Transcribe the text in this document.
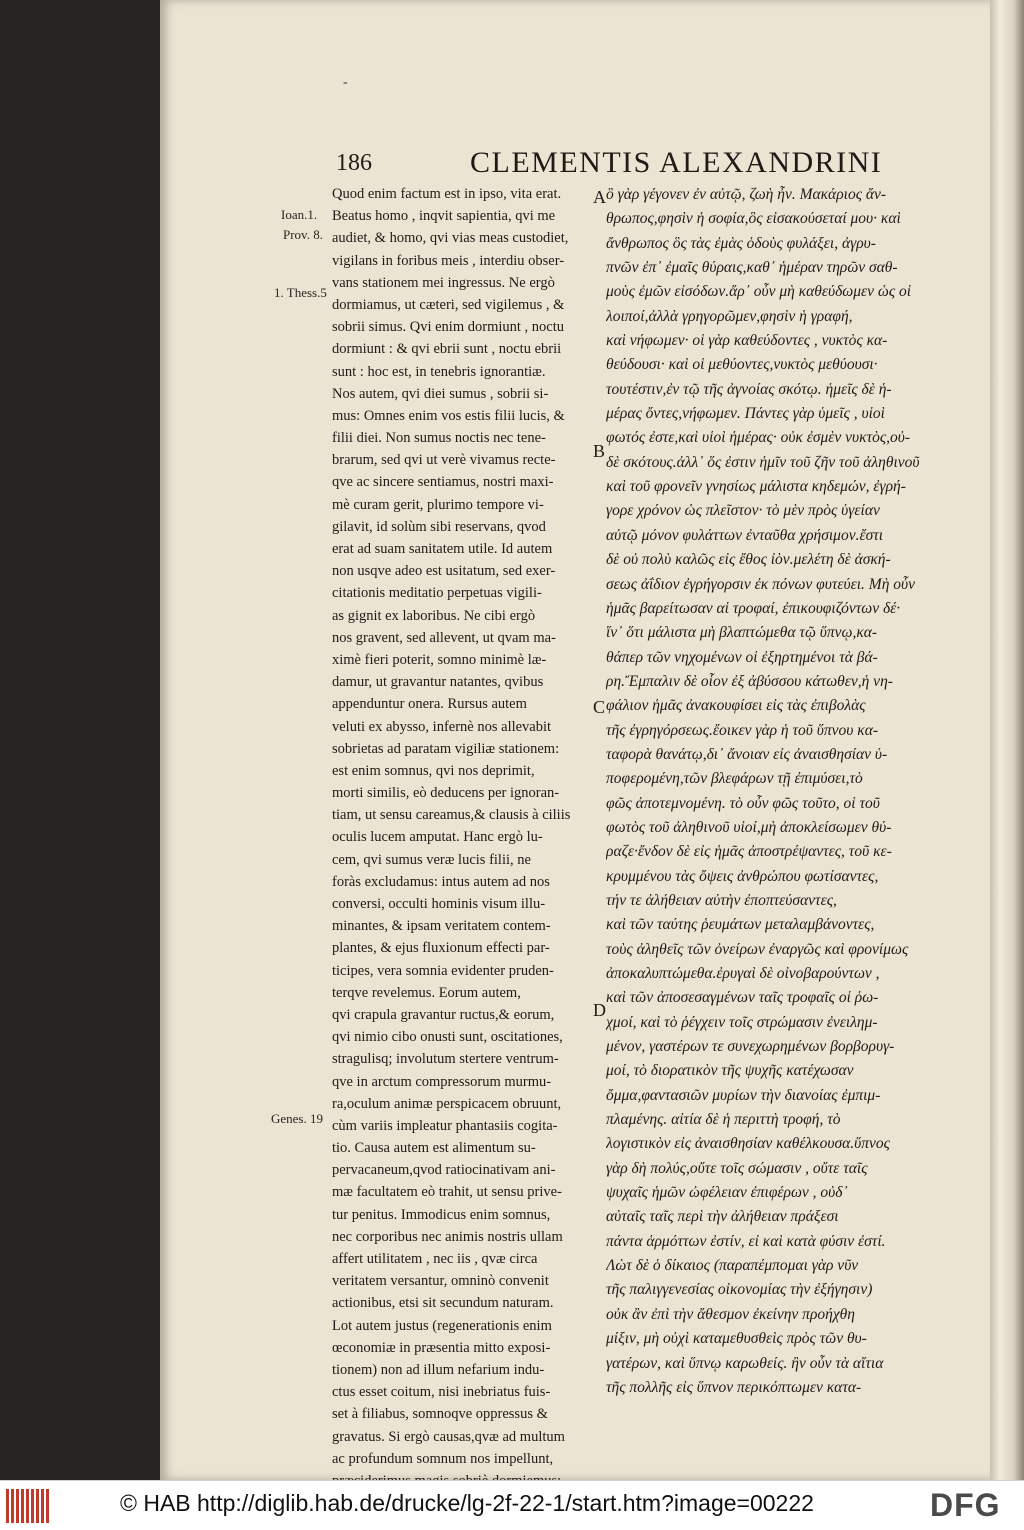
-
186	CLEMENTIS ALEXANDRINI
Ioan.1.
Prov. 8.
1. Thess.5
Genes. 19
A
B
C
D
Quod enim factum est in ipso, vita erat.
Beatus homo , inqvit sapientia, qvi me
audiet, & homo, qvi vias meas custodiet,
vigilans in foribus meis , interdiu obser-
vans stationem mei ingressus. Ne ergò
dormiamus, ut cæteri, sed vigilemus , &
sobrii simus. Qvi enim dormiunt , noctu
dormiunt : & qvi ebrii sunt , noctu ebrii
sunt : hoc est, in tenebris ignorantiæ.
Nos autem, qvi diei sumus , sobrii si-
mus: Omnes enim vos estis filii lucis, &
filii diei. Non sumus noctis nec tene-
brarum, sed qvi ut verè vivamus recte-
qve ac sincere sentiamus, nostri maxi-
mè curam gerit, plurimo tempore vi-
gilavit, id solùm sibi reservans, qvod
erat ad suam sanitatem utile. Id autem
non usqve adeo est usitatum, sed exer-
citationis meditatio perpetuas vigili-
as gignit ex laboribus. Ne cibi ergò
nos gravent, sed allevent, ut qvam ma-
ximè fieri poterit, somno minimè læ-
damur, ut gravantur natantes, qvibus
appenduntur onera. Rursus autem
veluti ex abysso, infernè nos allevabit
sobrietas ad paratam vigiliæ stationem:
est enim somnus, qvi nos deprimit,
morti similis, eò deducens per ignoran-
tiam, ut sensu careamus,& clausis à ciliis
oculis lucem amputat. Hanc ergò lu-
cem, qvi sumus veræ lucis filii, ne
foràs excludamus: intus autem ad nos
conversi, occulti hominis visum illu-
minantes, & ipsam veritatem contem-
plantes, & ejus fluxionum effecti par-
ticipes, vera somnia evidenter pruden-
terqve revelemus. Eorum autem,
qvi crapula gravantur ructus,& eorum,
qvi nimio cibo onusti sunt, oscitationes,
stragulisq; involutum stertere ventrum-
qve in arctum compressorum murmu-
ra,oculum animæ perspicacem obruunt,
cùm variis impleatur phantasiis cogita-
tio. Causa autem est alimentum su-
pervacaneum,qvod ratiocinativam ani-
mæ facultatem eò trahit, ut sensu prive-
tur penitus. Immodicus enim somnus,
nec corporibus nec animis nostris ullam
affert utilitatem , nec iis , qvæ circa
veritatem versantur, omninò convenit
actionibus, etsi sit secundum naturam.
Lot autem justus (regenerationis enim
œconomiæ in præsentia mitto exposi-
tionem) non ad illum nefarium indu-
ctus esset coitum, nisi inebriatus fuis-
set à filiabus, somnoqve oppressus &
gravatus. Si ergò causas,qvæ ad multum
ac profundum somnum nos impellunt,
ὃ γὰρ γέγονεν ἐν αὐτῷ, ζωὴ ἦν. Μακάριος ἄν-
θρωπος,φησὶν ἡ σοφία,ὃς εἰσακούσεταί μου· καὶ
ἄνθρωπος ὃς τὰς ἐμὰς ὁδοὺς φυλάξει, ἀγρυ-
πνῶν ἐπ᾽ ἐμαῖς θύραις,καθ᾽ ἡμέραν τηρῶν σαθ-
μοὺς ἐμῶν εἰσόδων.ἄρ᾽ οὖν μὴ καθεύδωμεν ὡς οἱ
λοιποί,ἀλλὰ γρηγορῶμεν,φησὶν ἡ γραφή,
καὶ νήφωμεν· οἱ γὰρ καθεύδοντες , νυκτὸς κα-
θεύδουσι· καὶ οἱ μεθύοντες,νυκτὸς μεθύουσι·
τουτέστιν,ἐν τῷ τῆς ἀγνοίας σκότῳ. ἡμεῖς δὲ ἡ-
μέρας ὄντες,νήφωμεν. Πάντες γὰρ ὑμεῖς , υἱοὶ
φωτός ἐστε,καὶ υἱοὶ ἡμέρας· οὐκ ἐσμὲν νυκτὸς,οὐ-
δὲ σκότους.ἀλλ᾽ ὅς ἐστιν ἡμῖν τοῦ ζῆν τοῦ ἀληθινοῦ
καὶ τοῦ φρονεῖν γνησίως μάλιστα κηδεμών, ἐγρή-
γορε χρόνον ὡς πλεῖστον· τὸ μὲν πρὸς ὑγείαν
αὐτῷ μόνον φυλάττων ἐνταῦθα χρήσιμον.ἔστι
δὲ οὐ πολὺ καλῶς εἰς ἔθος ἰὸν.μελέτη δὲ ἀσκή-
σεως ἀΐδιον ἐγρήγορσιν ἐκ πόνων φυτεύει. Μὴ οὖν
ἡμᾶς βαρείτωσαν αἱ τροφαί, ἐπικουφιζόντων δέ·
ἵν᾽ ὅτι μάλιστα μὴ βλαπτώμεθα τῷ ὕπνῳ,κα-
θάπερ τῶν νηχομένων οἱ ἐξηρτημένοι τὰ βά-
ρη.Ἔμπαλιν δὲ οἷον ἐξ ἀβύσσου κάτωθεν,ἡ νη-
φάλιον ἡμᾶς ἀνακουφίσει εἰς τὰς ἐπιβολὰς
τῆς ἐγρηγόρσεως.ἔοικεν γὰρ ἡ τοῦ ὕπνου κα-
ταφορὰ θανάτῳ,δι᾽ ἄνοιαν εἰς ἀναισθησίαν ὑ-
ποφερομένη,τῶν βλεφάρων τῇ ἐπιμύσει,τὸ
φῶς ἀποτεμνομένη. τὸ οὖν φῶς τοῦτο, οἱ τοῦ
φωτὸς τοῦ ἀληθινοῦ υἱοί,μὴ ἀποκλείσωμεν θύ-
ραζε·ἔνδον δὲ εἰς ἡμᾶς ἀποστρέψαντες, τοῦ κε-
κρυμμένου τὰς ὄψεις ἀνθρώπου φωτίσαντες,
τήν τε ἀλήθειαν αὐτὴν ἐποπτεύσαντες,
καὶ τῶν ταύτης ῥευμάτων μεταλαμβάνοντες,
τοὺς ἀληθεῖς τῶν ὀνείρων ἐναργῶς καὶ φρονίμως
ἀποκαλυπτώμεθα.ἐρυγαὶ δὲ οἰνοβαρούντων ,
καὶ τῶν ἀποσεσαγμένων ταῖς τροφαῖς οἱ ῥω-
χμοί, καὶ τὸ ῥέγχειν τοῖς στρώμασιν ἐνειλημ-
μένον, γαστέρων τε συνεχωρημένων βορβορυγ-
μοί, τὸ διορατικὸν τῆς ψυχῆς κατέχωσαν
ὄμμα,φαντασιῶν μυρίων τὴν διανοίας ἐμπιμ-
πλαμένης. αἰτία δὲ ἡ περιττὴ τροφή, τὸ
λογιστικὸν εἰς ἀναισθησίαν καθέλκουσα.ὕπνος
γὰρ δὴ πολύς,οὔτε τοῖς σώμασιν , οὔτε ταῖς
ψυχαῖς ἡμῶν ὠφέλειαν ἐπιφέρων , οὐδ᾽
αὐταῖς ταῖς περὶ τὴν ἀλήθειαν πράξεσι
πάντα ἁρμόττων ἐστίν, εἰ καὶ κατὰ φύσιν ἐστί.
Λὼτ δὲ ὁ δίκαιος (παραπέμπομαι γὰρ νῦν
τῆς παλιγγενεσίας οἰκονομίας τὴν ἐξήγησιν)
οὐκ ἂν ἐπὶ τὴν ἄθεσμον ἐκείνην προήχθη
μίξιν, μὴ οὐχὶ καταμεθυσθεὶς πρὸς τῶν θυ-
γατέρων, καὶ ὕπνῳ καρωθείς. ἢν οὖν τὰ αἴτια
τῆς πολλῆς εἰς ὕπνον περικόπτωμεν κατα-
© HAB http://diglib.hab.de/drucke/lg-2f-22-1/start.htm?image=00222	DFG
